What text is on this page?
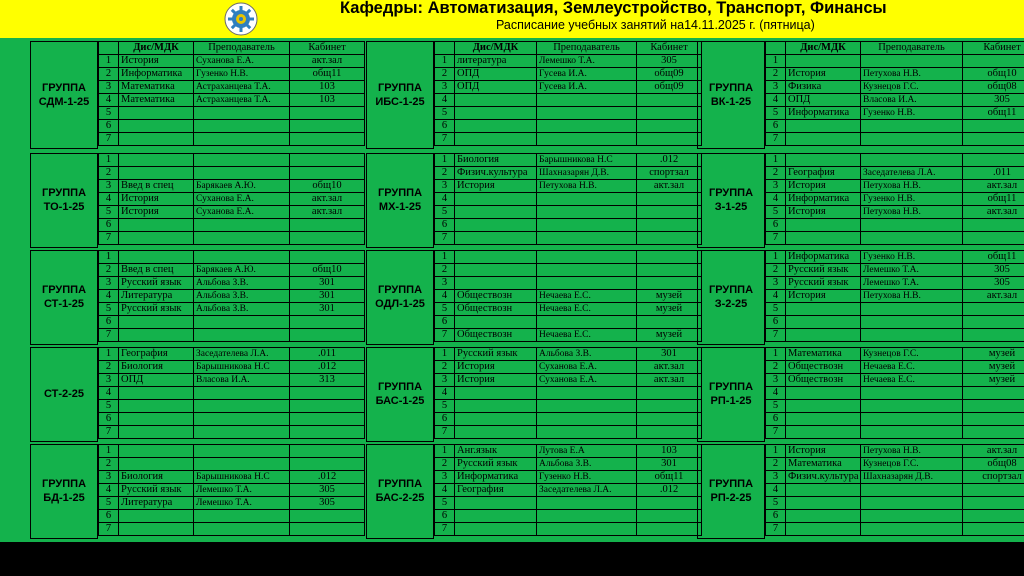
Кафедры: Автоматизация, Землеустройство, Транспорт, Финансы
Расписание учебных занятий на14.11.2025 г. (пятница)
ГРУППА
СДМ-1-25
	Дис/МДК	Преподаватель	Кабинет
1	История	Суханова Е.А.	акт.зал
2	Информатика	Гузенко Н.В.	общ11
3	Математика	Астраханцева Т.А.	103
4	Математика	Астраханцева Т.А.	103
5			
6			
7			
ГРУППА
ТО-1-25
1			
2			
3	Введ в спец	Барякаев А.Ю.	общ10
4	История	Суханова Е.А.	акт.зал
5	История	Суханова Е.А.	акт.зал
6			
7			
ГРУППА
СТ-1-25
1			
2	Введ в спец	Барякаев А.Ю.	общ10
3	Русский язык	Альбова З.В.	301
4	Литература	Альбова З.В.	301
5	Русский язык	Альбова З.В.	301
6			
7			
СТ-2-25
1	География	Заседателева Л.А.	.011
2	Биология	Барышникова Н.С	.012
3	ОПД	Власова И.А.	313
4			
5			
6			
7			
ГРУППА
БД-1-25
1			
2			
3	Биология	Барышникова Н.С	.012
4	Русский язык	Лемешко Т.А.	305
5	Литература	Лемешко Т.А.	305
6			
7			
ГРУППА
ИБС-1-25
	Дис/МДК	Преподаватель	Кабинет
1	литература	Лемешко Т.А.	305
2	ОПД	Гусева И.А.	общ09
3	ОПД	Гусева И.А.	общ09
4			
5			
6			
7			
ГРУППА
МХ-1-25
1	Биология	Барышникова Н.С	.012
2	Физич.культура	Шахназарян Д.В.	спортзал
3	История	Петухова Н.В.	акт.зал
4			
5			
6			
7			
ГРУППА
ОДЛ-1-25
1			
2			
3			
4	Обществозн	Нечаева Е.С.	музей
5	Обществозн	Нечаева Е.С.	музей
6			
7	Обществозн	Нечаева Е.С.	музей
ГРУППА
БАС-1-25
1	Русский язык	Альбова З.В.	301
2	История	Суханова Е.А.	акт.зал
3	История	Суханова Е.А.	акт.зал
4			
5			
6			
7			
ГРУППА
БАС-2-25
1	Анг.язык	Лутова Е.А	103
2	Русский язык	Альбова З.В.	301
3	Информатика	Гузенко Н.В.	общ11
4	География	Заседателева Л.А.	.012
5			
6			
7			
ГРУППА
ВК-1-25
	Дис/МДК	Преподаватель	Кабинет
1			
2	История	Петухова Н.В.	общ10
3	Физика	Кузнецов Г.С.	общ08
4	ОПД	Власова И.А.	305
5	Информатика	Гузенко Н.В.	общ11
6			
7			
ГРУППА
З-1-25
1			
2	География	Заседателева Л.А.	.011
3	История	Петухова Н.В.	акт.зал
4	Информатика	Гузенко Н.В.	общ11
5	История	Петухова Н.В.	акт.зал
6			
7			
ГРУППА
З-2-25
1	Информатика	Гузенко Н.В.	общ11
2	Русский язык	Лемешко Т.А.	305
3	Русский язык	Лемешко Т.А.	305
4	История	Петухова Н.В.	акт.зал
5			
6			
7			
ГРУППА
РП-1-25
1	Математика	Кузнецов Г.С.	музей
2	Обществозн	Нечаева Е.С.	музей
3	Обществозн	Нечаева Е.С.	музей
4			
5			
6			
7			
ГРУППА
РП-2-25
1	История	Петухова Н.В.	акт.зал
2	Математика	Кузнецов Г.С.	общ08
3	Физич.культура	Шахназарян Д.В.	спортзал
4			
5			
6			
7			
